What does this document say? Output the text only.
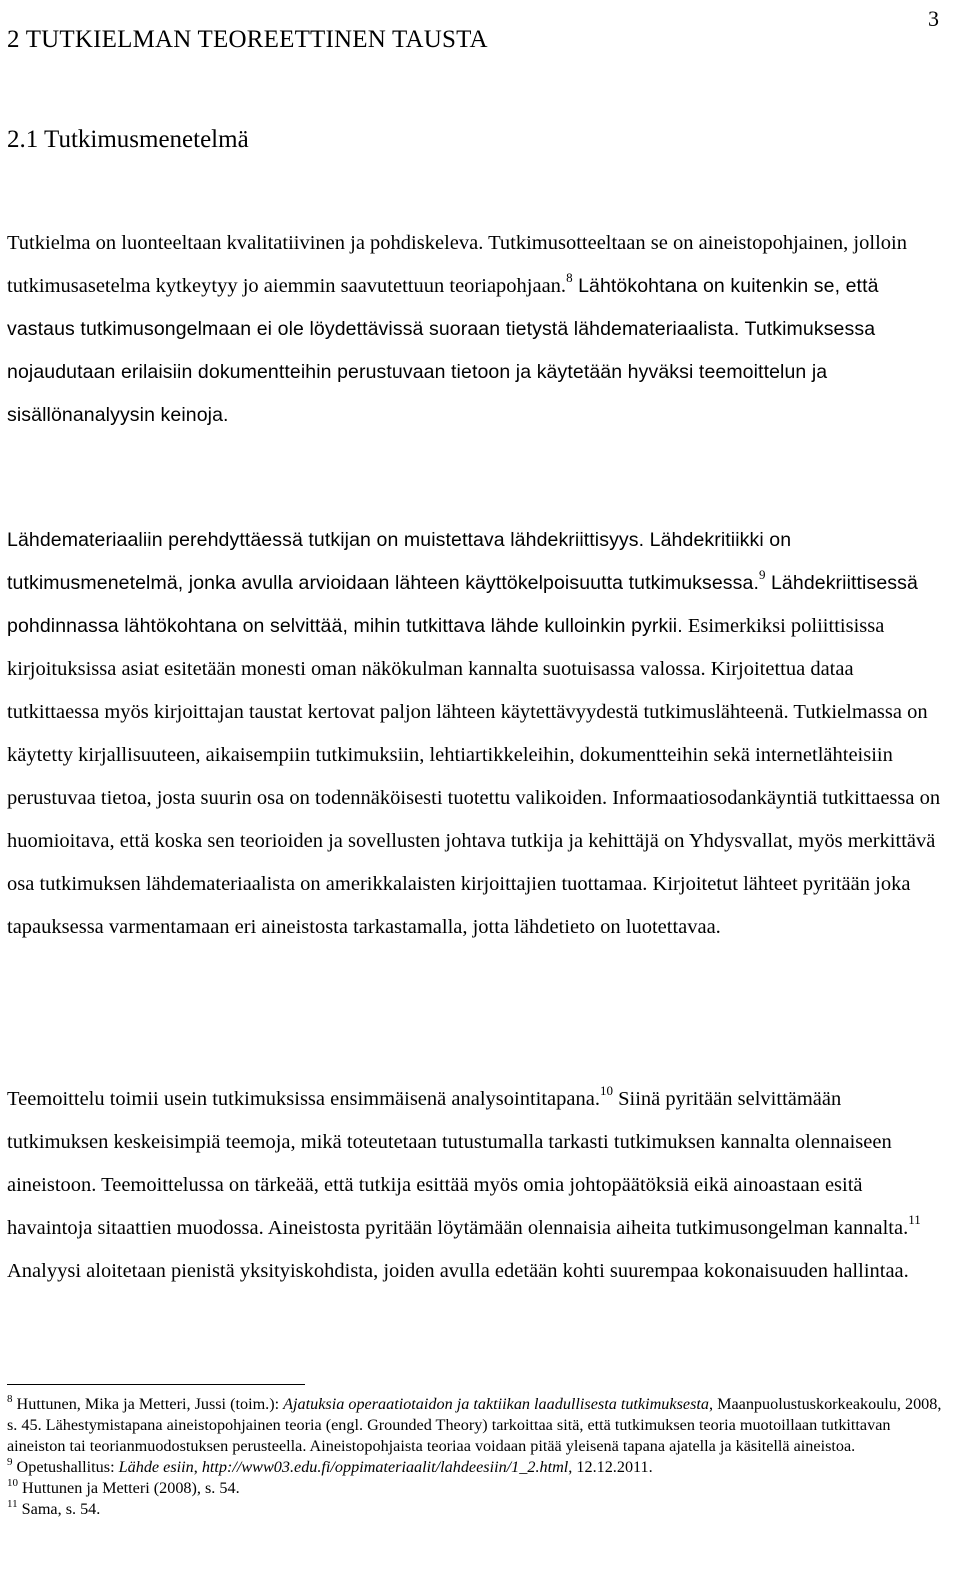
3
2 TUTKIELMAN TEOREETTINEN TAUSTA
2.1 Tutkimusmenetelmä

Tutkielma on luonteeltaan kvalitatiivinen ja pohdiskeleva. Tutkimusotteeltaan se on aineistopohjainen, jolloin tutkimusasetelma kytkeytyy jo aiemmin saavutettuun teoriapohjaan.$^8$ Lähtökohtana on kuitenkin se, että vastaus tutkimusongelmaan ei ole löydettävissä suoraan tietystä lähdemateriaalista. Tutkimuksessa nojaudutaan erilaisiin dokumentteihin perustuvaan tietoon ja käytetään hyväksi teemoittelun ja sisällönanalyysin keinoja.

Lähdemateriaaliin perehdyttäessä tutkijan on muistettava lähdekriittisyys. Lähdekritiikki on tutkimusmenetelmä, jonka avulla arvioidaan lähteen käyttökelpoisuutta tutkimuksessa.$^9$ Lähdekriittisessä pohdinnassa lähtökohtana on selvittää, mihin tutkittava lähde kulloinkin pyrkii. Esimerkiksi poliittisissa kirjoituksissa asiat esitetään monesti oman näkökulman kannalta suotuisassa valossa. Kirjoitettua dataa tutkittaessa myös kirjoittajan taustat kertovat paljon lähteen käytettävyydestä tutkimuslähteenä. Tutkielmassa on käytetty kirjallisuuteen, aikaisempiin tutkimuksiin, lehtiartikkeleihin, dokumentteihin sekä internetlähteisiin perustuvaa tietoa, josta suurin osa on todennäköisesti tuotettu valikoiden. Informaatiosodankäyntiä tutkittaessa on huomioitava, että koska sen teorioiden ja sovellusten johtava tutkija ja kehittäjä on Yhdysvallat, myös merkittävä osa tutkimuksen lähdemateriaalista on amerikkalaisten kirjoittajien tuottamaa. Kirjoitetut lähteet pyritään joka tapauksessa varmentamaan eri aineistosta tarkastamalla, jotta lähdetieto on luotettavaa.

Teemoittelu toimii usein tutkimuksissa ensimmäisenä analysointitapana.$^{10}$ Siinä pyritään selvittämään tutkimuksen keskeisimpiä teemoja, mikä toteutetaan tutustumalla tarkasti tutkimuksen kannalta olennaiseen aineistoon. Teemoittelussa on tärkeää, että tutkija esittää myös omia johtopäätöksiä eikä ainoastaan esitä havaintoja sitaattien muodossa. Aineistosta pyritään löytämään olennaisia aiheita tutkimusongelman kannalta.$^{11}$ Analyysi aloitetaan pienistä yksityiskohdista, joiden avulla edetään kohti suurempaa kokonaisuuden hallintaa.

$^8$ Huttunen, Mika ja Metteri, Jussi (toim.): Ajatuksia operaatiotaidon ja taktiikan laadullisesta tutkimuksesta, Maanpuolustuskorkeakoulu, 2008, s. 45. Lähestymistapana aineistopohjainen teoria (engl. Grounded Theory) tarkoittaa sitä, että tutkimuksen teoria muotoillaan tutkittavan aineiston tai teorianmuodostuksen perusteella. Aineistopohjaista teoriaa voidaan pitää yleisenä tapana ajatella ja käsitellä aineistoa.
$^9$ Opetushallitus: Lähde esiin, http://www03.edu.fi/oppimateriaalit/lahdeesiin/1_2.html, 12.12.2011.
$^{10}$ Huttunen ja Metteri (2008), s. 54.
$^{11}$ Sama, s. 54.
